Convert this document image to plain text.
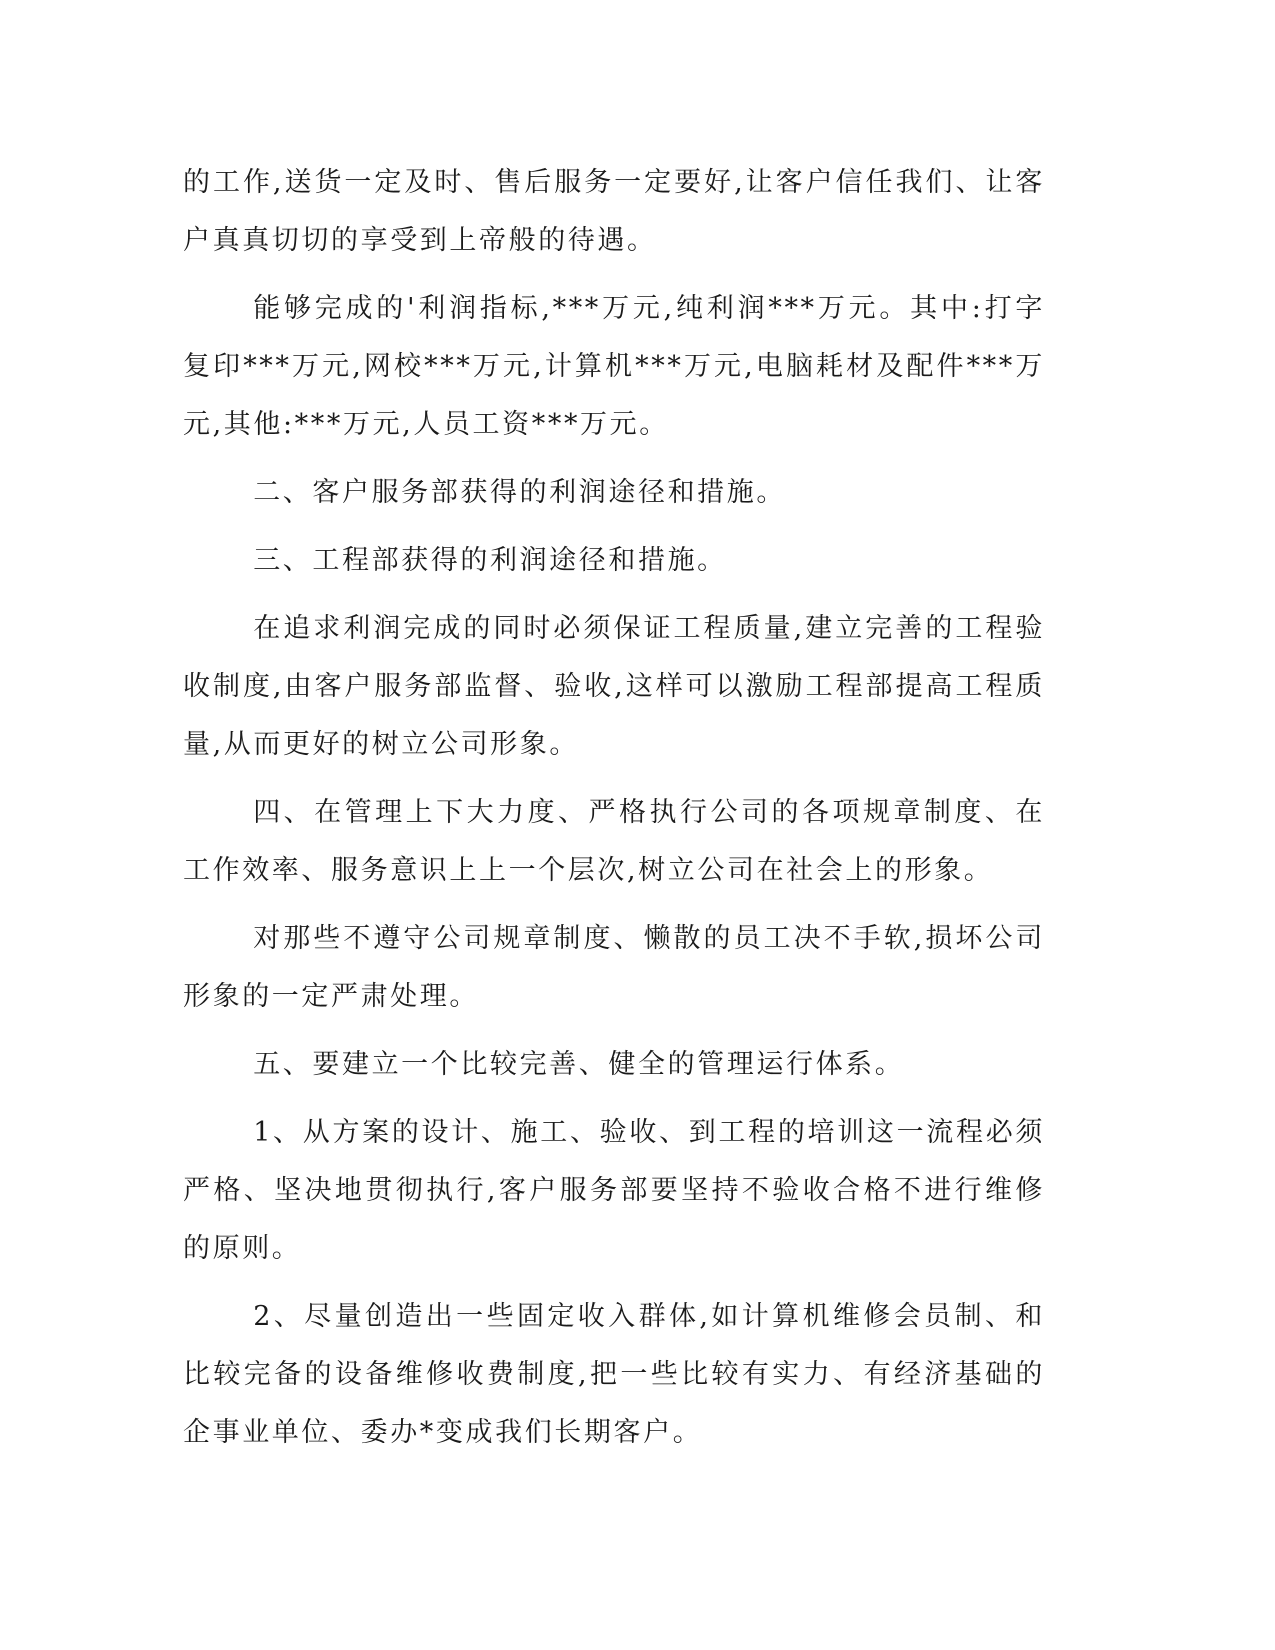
的工作,送货一定及时、售后服务一定要好,让客户信任我们、让客户真真切切的享受到上帝般的待遇。

能够完成的'利润指标,***万元,纯利润***万元。其中:打字复印***万元,网校***万元,计算机***万元,电脑耗材及配件***万元,其他:***万元,人员工资***万元。

二、客户服务部获得的利润途径和措施。

三、工程部获得的利润途径和措施。

在追求利润完成的同时必须保证工程质量,建立完善的工程验收制度,由客户服务部监督、验收,这样可以激励工程部提高工程质量,从而更好的树立公司形象。

四、在管理上下大力度、严格执行公司的各项规章制度、在工作效率、服务意识上上一个层次,树立公司在社会上的形象。

对那些不遵守公司规章制度、懒散的员工决不手软,损坏公司形象的一定严肃处理。

五、要建立一个比较完善、健全的管理运行体系。

1、从方案的设计、施工、验收、到工程的培训这一流程必须严格、坚决地贯彻执行,客户服务部要坚持不验收合格不进行维修的原则。

2、尽量创造出一些固定收入群体,如计算机维修会员制、和比较完备的设备维修收费制度,把一些比较有实力、有经济基础的企事业单位、委办*变成我们长期客户。
